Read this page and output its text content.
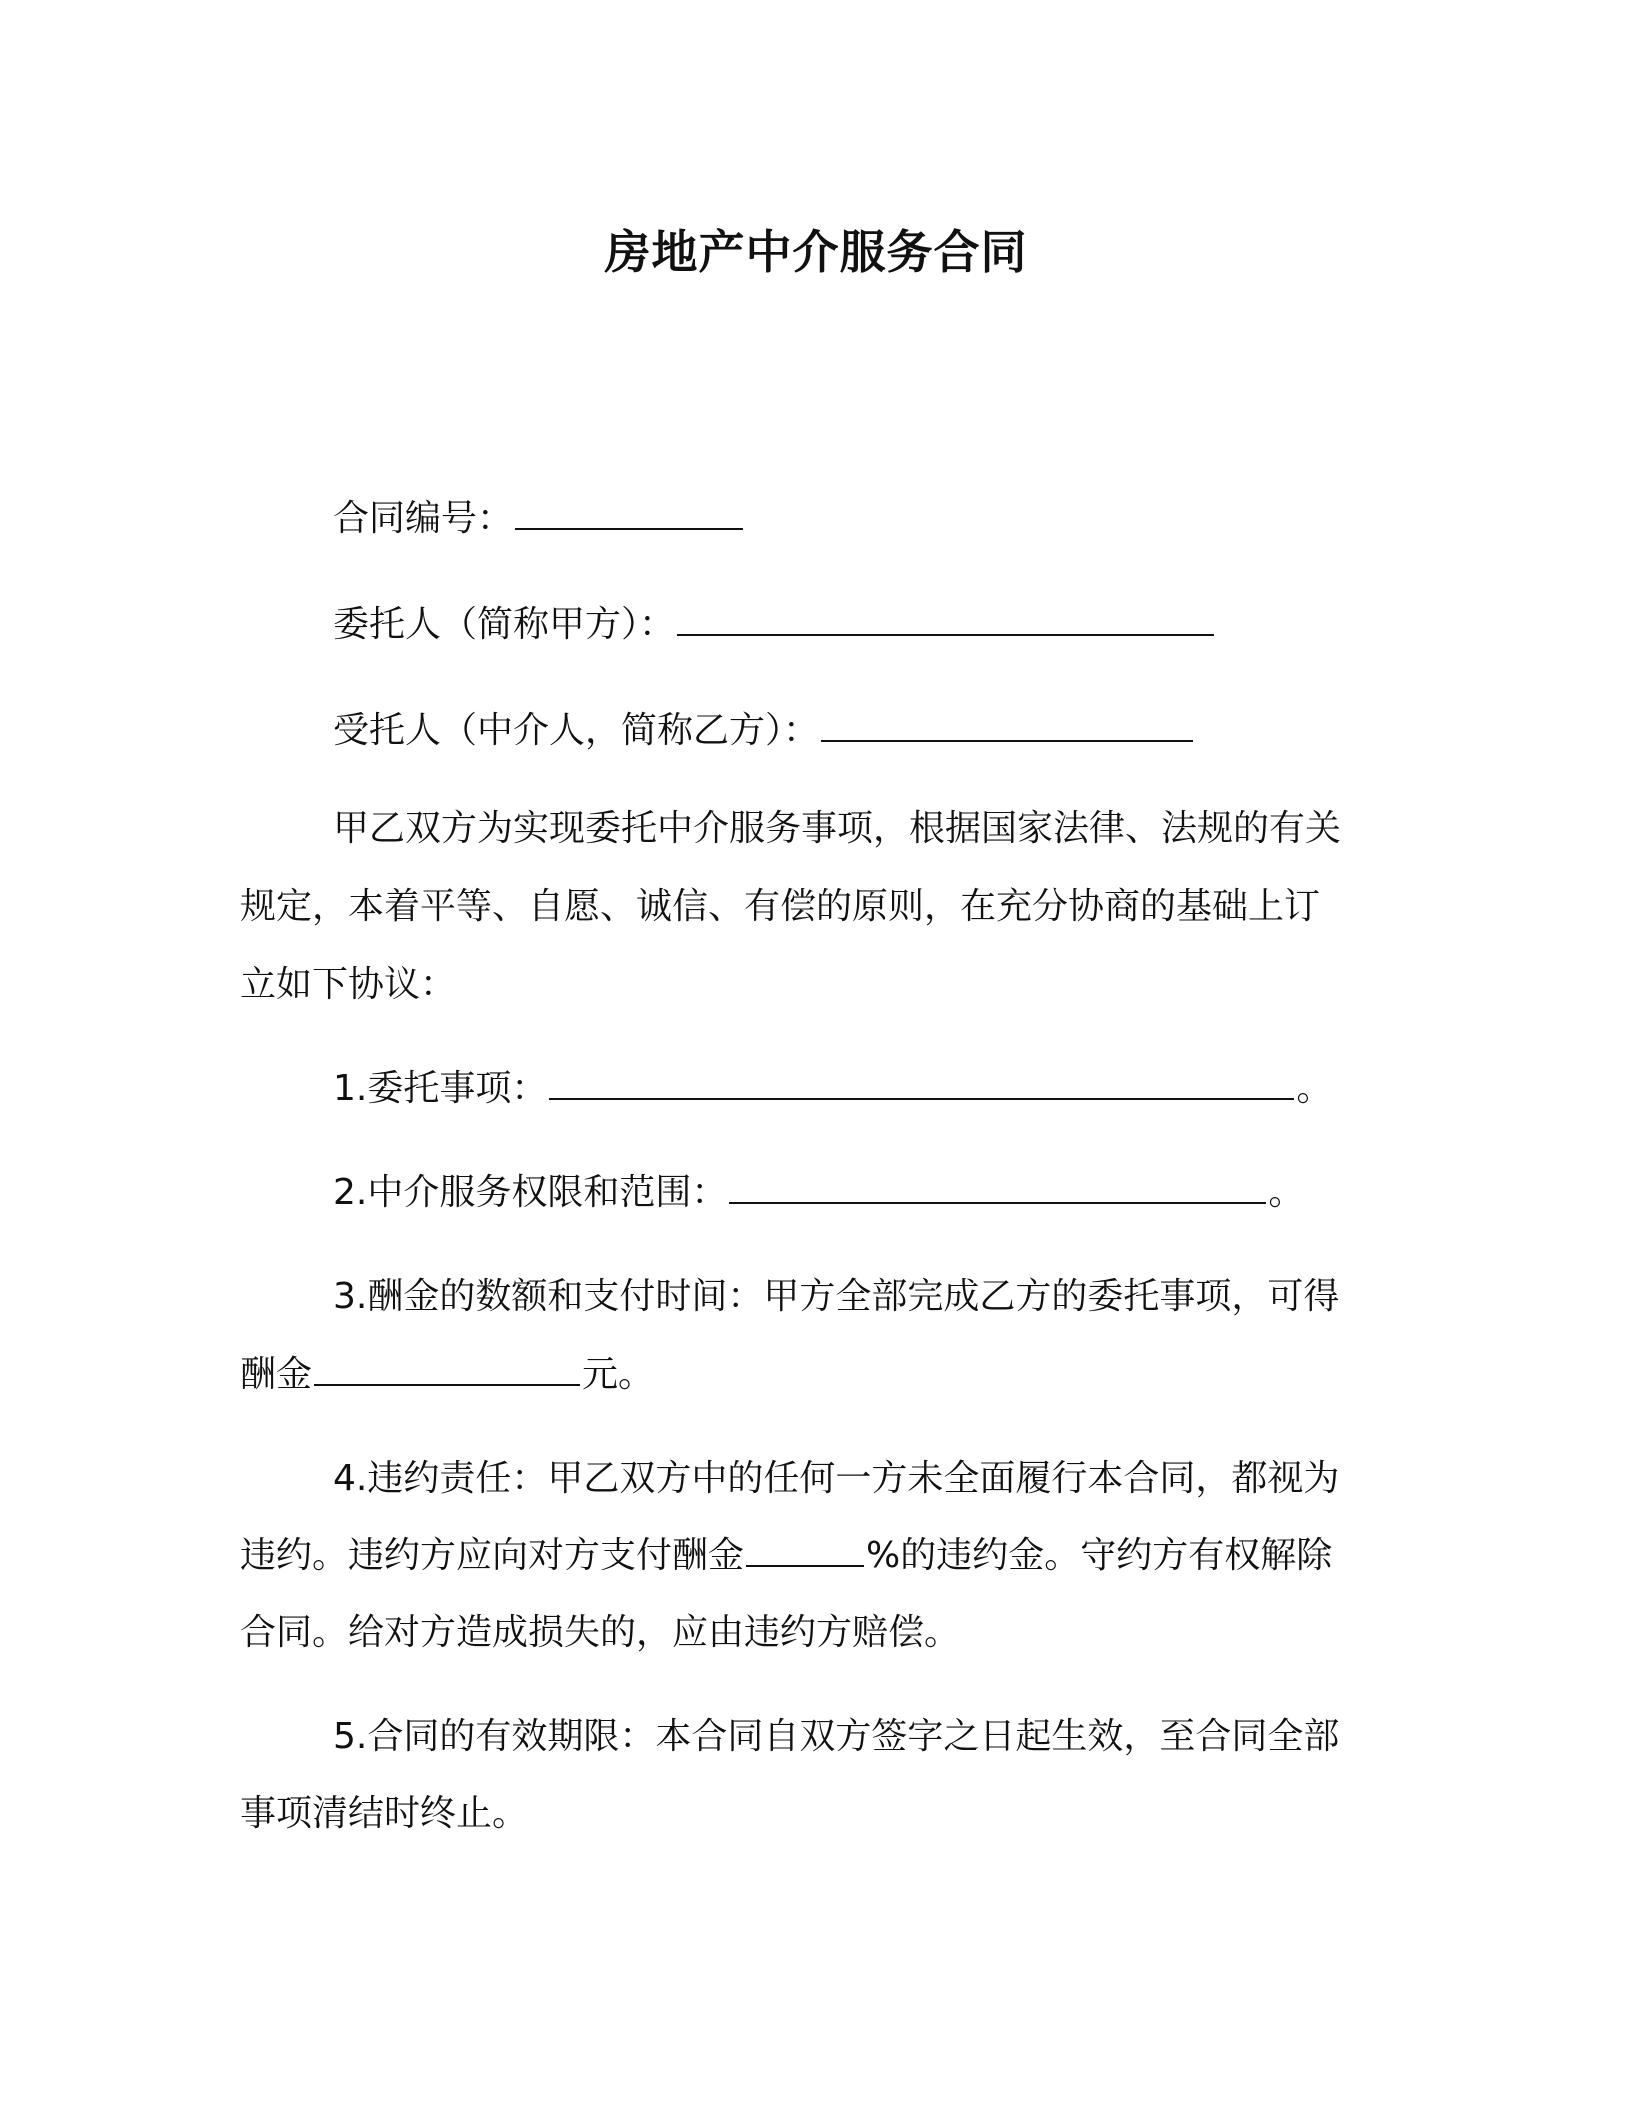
房地产中介服务合同
合同编号：
委托人（简称甲方）：
受托人（中介人，简称乙方）：
甲乙双方为实现委托中介服务事项，根据国家法律、法规的有关
规定，本着平等、自愿、诚信、有偿的原则，在充分协商的基础上订
立如下协议：
1.委托事项：	。
2.中介服务权限和范围：	。
3.酬金的数额和支付时间：甲方全部完成乙方的委托事项，可得
酬金	元。
4.违约责任：甲乙双方中的任何一方未全面履行本合同，都视为
违约。违约方应向对方支付酬金	%的违约金。守约方有权解除
合同。给对方造成损失的，应由违约方赔偿。
5.合同的有效期限：本合同自双方签字之日起生效，至合同全部
事项清结时终止。
